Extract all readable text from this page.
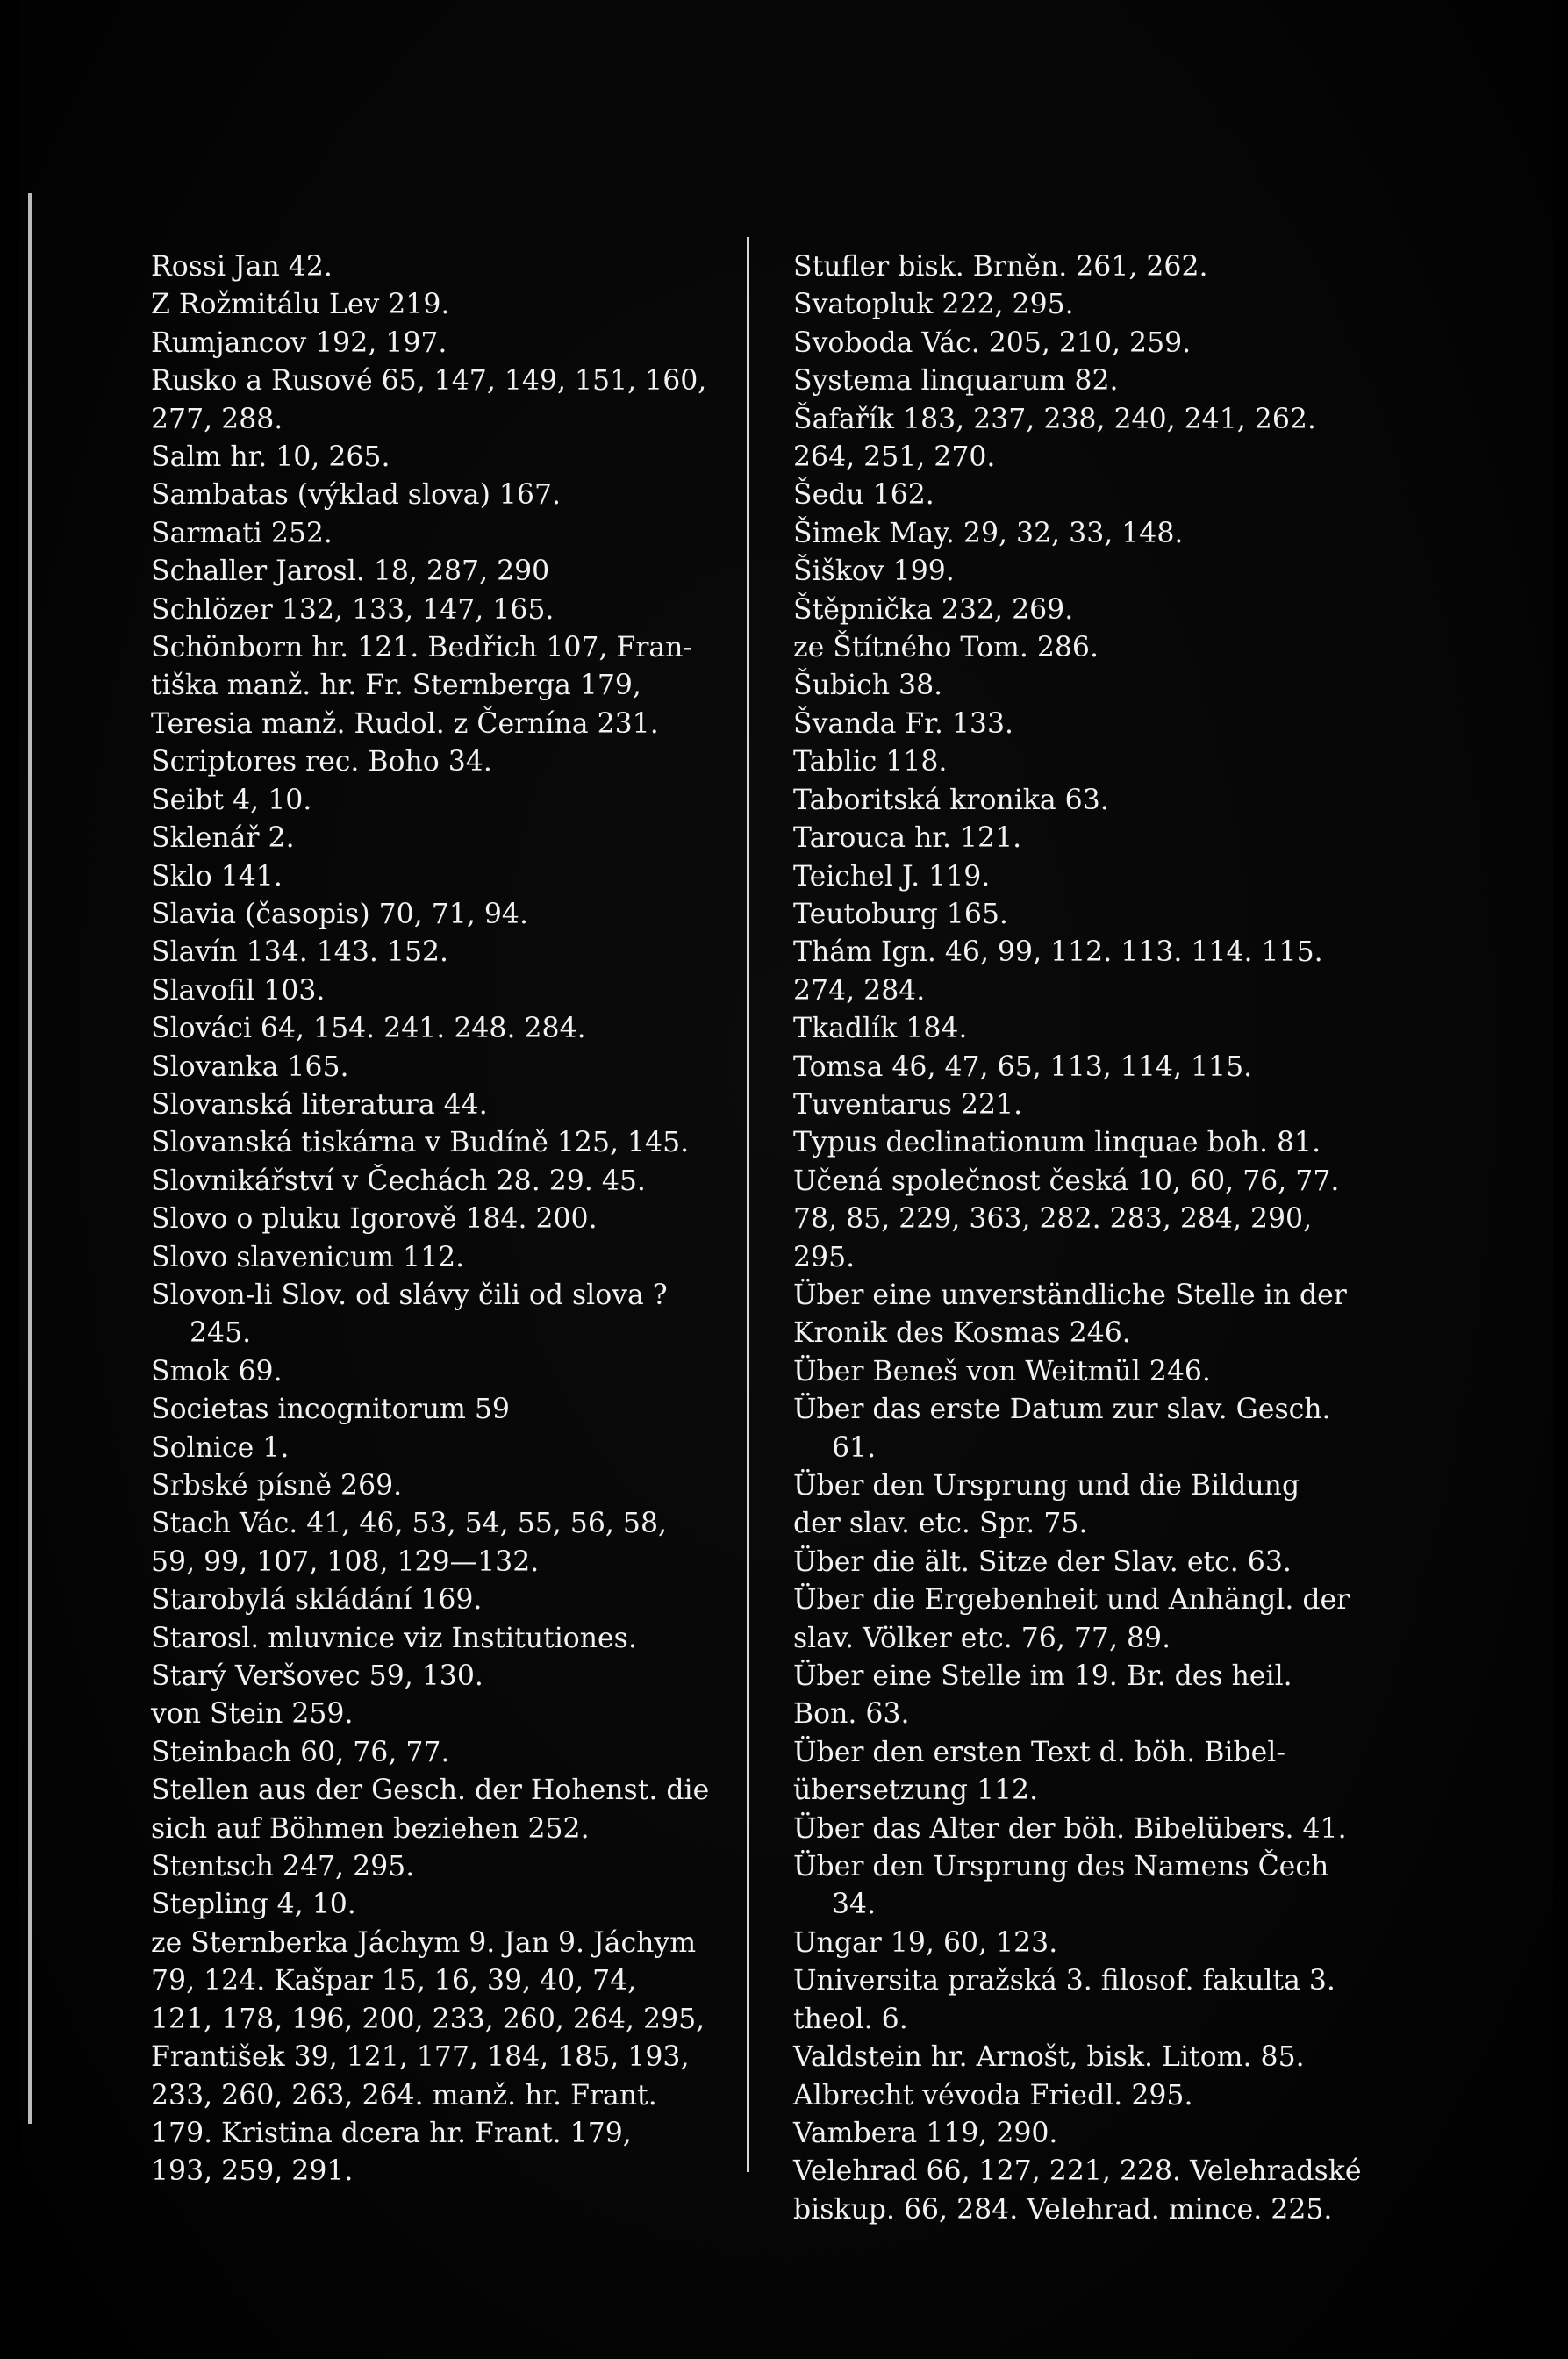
Rossi Jan 42.

Z Rožmitálu Lev 219.

Rumjancov 192, 197.

Rusko a Rusové 65, 147, 149, 151, 160,
277, 288.

Salm hr. 10, 265.

Sambatas (výklad slova) 167.

Sarmati 252.

Schaller Jarosl. 18, 287, 290

Schlözer 132, 133, 147, 165.

Schönborn hr. 121. Bedřich 107, Fran-
tiška manž. hr. Fr. Sternberga 179,
Teresia manž. Rudol. z Černína 231.

Scriptores rec. Boho 34.

Seibt 4, 10.

Sklenář 2.

Sklo 141.

Slavia (časopis) 70, 71, 94.

Slavín 134. 143. 152.

Slavofil 103.

Slováci 64, 154. 241. 248. 284.

Slovanka 165.

Slovanská literatura 44.

Slovanská tiskárna v Budíně 125, 145.

Slovnikářství v Čechách 28. 29. 45.

Slovo o pluku Igorově 184. 200.

Slovo slavenicum 112.

Slovon-li Slov. od slávy čili od slova ? 245.

Smok 69.

Societas incognitorum 59

Solnice 1.

Srbské písně 269.

Stach Vác. 41, 46, 53, 54, 55, 56, 58,
59, 99, 107, 108, 129—132.

Starobylá skládání 169.

Starosl. mluvnice viz Institutiones.

Starý Veršovec 59, 130.

von Stein 259.

Steinbach 60, 76, 77.

Stellen aus der Gesch. der Hohenst. die
sich auf Böhmen beziehen 252.

Stentsch 247, 295.

Stepling 4, 10.

ze Sternberka Jáchym 9. Jan 9. Jáchym
79, 124. Kašpar 15, 16, 39, 40, 74,
121, 178, 196, 200, 233, 260, 264, 295,
František 39, 121, 177, 184, 185, 193,
233, 260, 263, 264. manž. hr. Frant.
179. Kristina dcera hr. Frant. 179,
193, 259, 291.

Stufler bisk. Brněn. 261, 262.

Svatopluk 222, 295.

Svoboda Vác. 205, 210, 259.

Systema linquarum 82.

Šafařík 183, 237, 238, 240, 241, 262.
264, 251, 270.

Šedu 162.

Šimek May. 29, 32, 33, 148.

Šiškov 199.

Štěpnička 232, 269.

ze Štítného Tom. 286.

Šubich 38.

Švanda Fr. 133.

Tablic 118.

Taboritská kronika 63.

Tarouca hr. 121.

Teichel J. 119.

Teutoburg 165.

Thám Ign. 46, 99, 112. 113. 114. 115.
274, 284.

Tkadlík 184.

Tomsa 46, 47, 65, 113, 114, 115.

Tuventarus 221.

Typus declinationum linquae boh. 81.

Učená společnost česká 10, 60, 76, 77.
78, 85, 229, 363, 282. 283, 284, 290,
295.

Über eine unverständliche Stelle in der
Kronik des Kosmas 246.

Über Beneš von Weitmül 246.

Über das erste Datum zur slav. Gesch. 61.

Über den Ursprung und die Bildung
der slav. etc. Spr. 75.

Über die ält. Sitze der Slav. etc. 63.

Über die Ergebenheit und Anhängl. der
slav. Völker etc. 76, 77, 89.

Über eine Stelle im 19. Br. des heil.
Bon. 63.

Über den ersten Text d. böh. Bibel-
übersetzung 112.

Über das Alter der böh. Bibelübers. 41.

Über den Ursprung des Namens Čech 34.

Ungar 19, 60, 123.

Universita pražská 3. filosof. fakulta 3.
theol. 6.

Valdstein hr. Arnošt, bisk. Litom. 85.
Albrecht vévoda Friedl. 295.

Vambera 119, 290.

Velehrad 66, 127, 221, 228. Velehradské
biskup. 66, 284. Velehrad. mince. 225.
